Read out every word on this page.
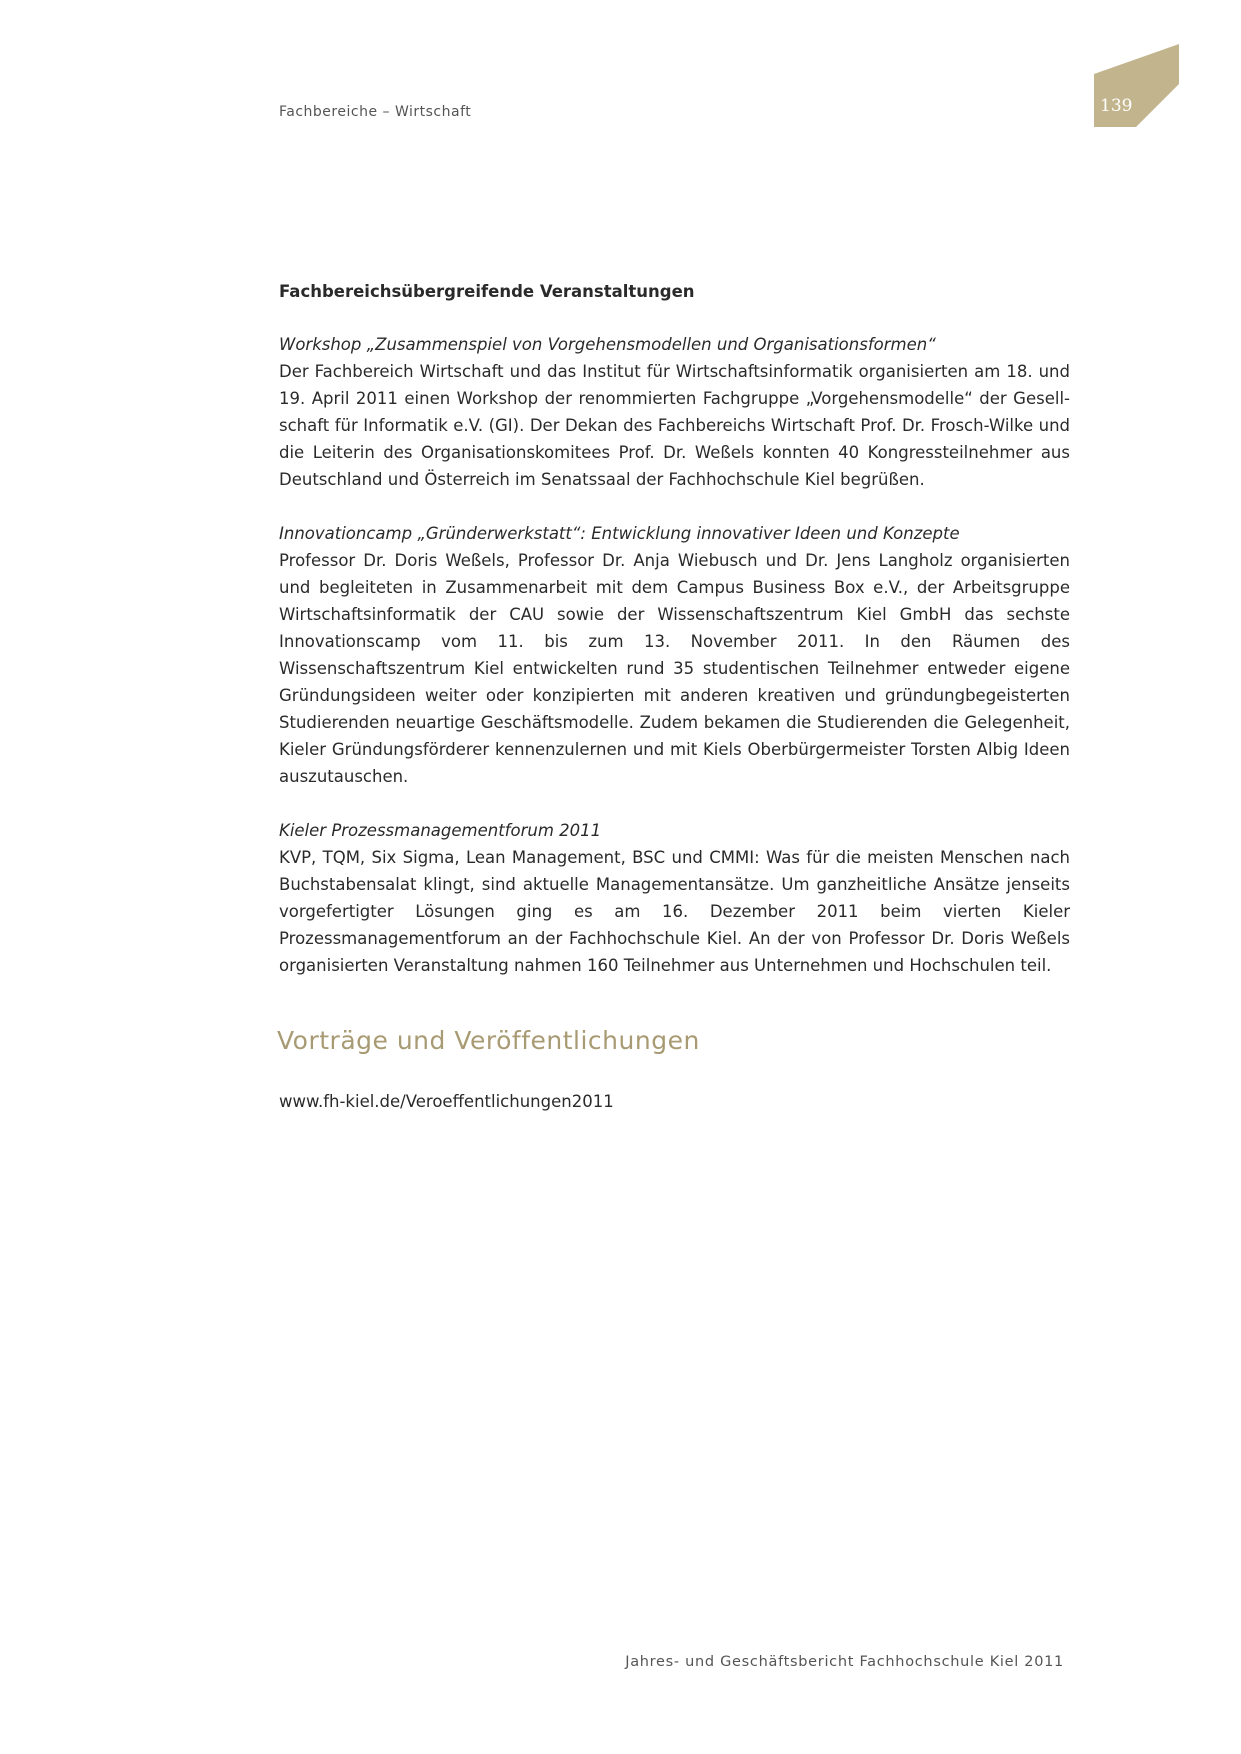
Fachbereiche – Wirtschaft	139
Fachbereichsübergreifende Veranstaltungen

Workshop „Zusammenspiel von Vorgehensmodellen und Organisationsformen“

Der Fachbereich Wirtschaft und das Institut für Wirtschaftsinformatik organisierten am 18. und 19. April 2011 einen Workshop der renommierten Fachgruppe „Vorgehensmodelle“ der Gesellschaft für Informatik e.V. (GI). Der Dekan des Fachbereichs Wirtschaft Prof. Dr. Frosch-Wilke und die Leiterin des Organisationskomitees Prof. Dr. Weßels konnten 40 Kongressteilnehmer aus Deutschland und Österreich im Senatssaal der Fachhochschule Kiel begrüßen.

Innovationcamp „Gründerwerkstatt“: Entwicklung innovativer Ideen und Konzepte

Professor Dr. Doris Weßels, Professor Dr. Anja Wiebusch und Dr. Jens Langholz organisierten und begleiteten in Zusammenarbeit mit dem Campus Business Box e.V., der Arbeitsgruppe Wirtschaftsinformatik der CAU sowie der Wissenschaftszentrum Kiel GmbH das sechste Innovationscamp vom 11. bis zum 13. November 2011. In den Räumen des Wissenschaftszentrum Kiel entwickelten rund 35 studentischen Teilnehmer entweder eigene Gründungsideen weiter oder konzipierten mit anderen kreativen und gründungbegeisterten Studierenden neuartige Geschäftsmodelle. Zudem bekamen die Studierenden die Gelegenheit, Kieler Gründungsförderer kennenzulernen und mit Kiels Oberbürgermeister Torsten Albig Ideen auszutauschen.

Kieler Prozessmanagementforum 2011

KVP, TQM, Six Sigma, Lean Management, BSC und CMMI: Was für die meisten Menschen nach Buchstabensalat klingt, sind aktuelle Managementansätze. Um ganzheitliche Ansätze jenseits vorgefertigter Lösungen ging es am 16. Dezember 2011 beim vierten Kieler Prozessmanagementforum an der Fachhochschule Kiel. An der von Professor Dr. Doris Weßels organisierten Veranstaltung nahmen 160 Teilnehmer aus Unternehmen und Hochschulen teil.

Vorträge und Veröffentlichungen
www.fh-kiel.de/Veroeffentlichungen2011
Jahres- und Geschäftsbericht Fachhochschule Kiel 2011
